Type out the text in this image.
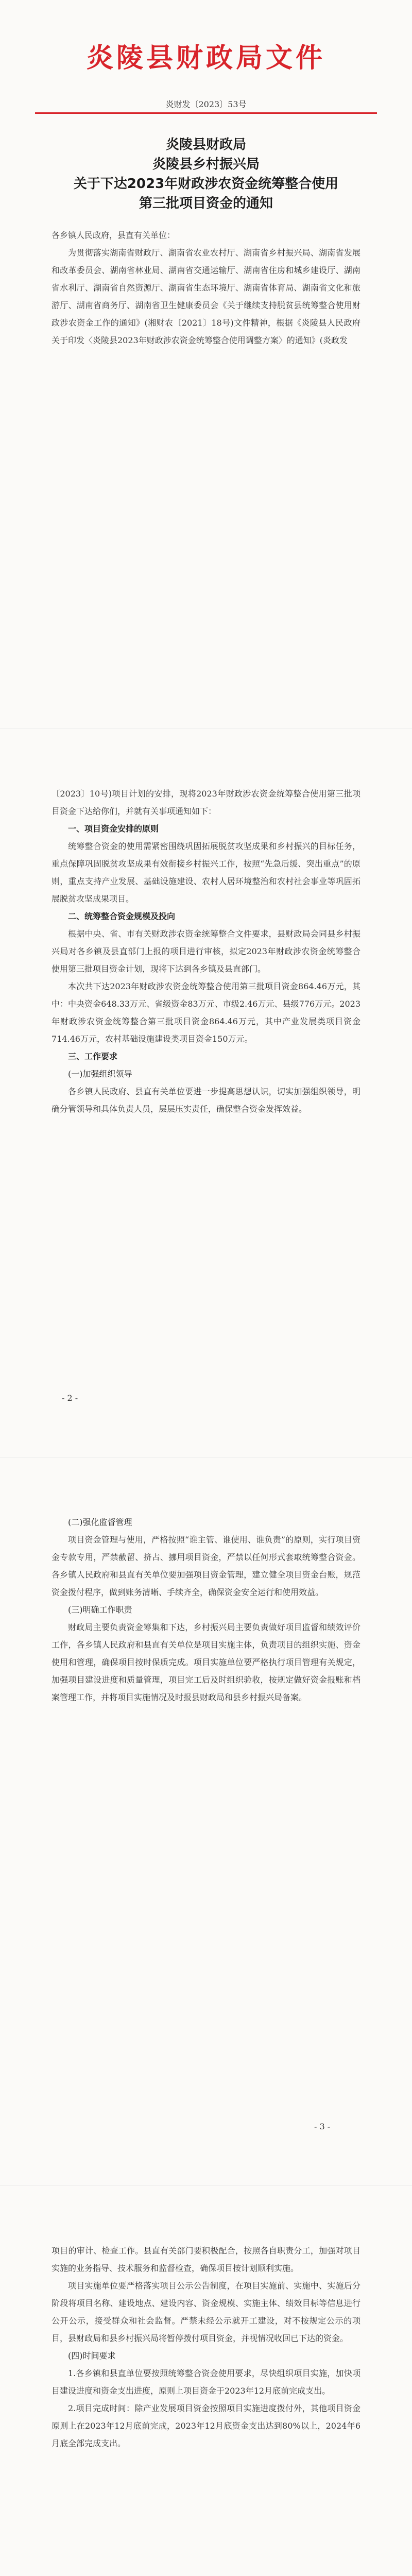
炎陵县财政局文件
炎财发〔2023〕53号
炎陵县财政局
炎陵县乡村振兴局
关于下达2023年财政涉农资金统筹整合使用
第三批项目资金的通知

各乡镇人民政府，县直有关单位：

为贯彻落实湖南省财政厅、湖南省农业农村厅、湖南省乡村振兴局、湖南省发展和改革委员会、湖南省林业局、湖南省交通运输厅、湖南省住房和城乡建设厅、湖南省水利厅、湖南省自然资源厅、湖南省生态环境厅、湖南省体育局、湖南省文化和旅游厅、湖南省商务厅、湖南省卫生健康委员会《关于继续支持脱贫县统筹整合使用财政涉农资金工作的通知》(湘财农〔2021〕18号)文件精神，根据《炎陵县人民政府关于印发〈炎陵县2023年财政涉农资金统筹整合使用调整方案〉的通知》(炎政发

〔2023〕10号)项目计划的安排，现将2023年财政涉农资金统筹整合使用第三批项目资金下达给你们，并就有关事项通知如下：

一、项目资金安排的原则

统筹整合资金的使用需紧密围绕巩固拓展脱贫攻坚成果和乡村振兴的目标任务，重点保障巩固脱贫攻坚成果有效衔接乡村振兴工作，按照“先急后缓、突出重点”的原则，重点支持产业发展、基础设施建设、农村人居环境整治和农村社会事业等巩固拓展脱贫攻坚成果项目。

二、统筹整合资金规模及投向

根据中央、省、市有关财政涉农资金统筹整合文件要求，县财政局会同县乡村振兴局对各乡镇及县直部门上报的项目进行审核，拟定2023年财政涉农资金统筹整合使用第三批项目资金计划，现将下达到各乡镇及县直部门。

本次共下达2023年财政涉农资金统筹整合使用第三批项目资金864.46万元，其中：中央资金648.33万元、省级资金83万元、市级2.46万元、县级776万元。2023年财政涉农资金统筹整合第三批项目资金864.46万元，其中产业发展类项目资金714.46万元，农村基础设施建设类项目资金150万元。

三、工作要求

(一)加强组织领导

各乡镇人民政府、县直有关单位要进一步提高思想认识，切实加强组织领导，明确分管领导和具体负责人员，层层压实责任，确保整合资金发挥效益。

- 2 -

(二)强化监督管理

项目资金管理与使用，严格按照“谁主管、谁使用、谁负责”的原则，实行项目资金专款专用，严禁截留、挤占、挪用项目资金，严禁以任何形式套取统筹整合资金。各乡镇人民政府和县直有关单位要加强项目资金管理，建立健全项目资金台账，规范资金拨付程序，做到账务清晰、手续齐全，确保资金安全运行和使用效益。

(三)明确工作职责

财政局主要负责资金筹集和下达，乡村振兴局主要负责做好项目监督和绩效评价工作，各乡镇人民政府和县直有关单位是项目实施主体，负责项目的组织实施、资金使用和管理，确保项目按时保质完成。项目实施单位要严格执行项目管理有关规定，加强项目建设进度和质量管理，项目完工后及时组织验收，按规定做好资金报账和档案管理工作，并将项目实施情况及时报县财政局和县乡村振兴局备案。

- 3 -

项目的审计、检查工作。县直有关部门要积极配合，按照各自职责分工，加强对项目实施的业务指导、技术服务和监督检查，确保项目按计划顺利实施。

项目实施单位要严格落实项目公示公告制度，在项目实施前、实施中、实施后分阶段将项目名称、建设地点、建设内容、资金规模、实施主体、绩效目标等信息进行公开公示，接受群众和社会监督。严禁未经公示就开工建设，对不按规定公示的项目，县财政局和县乡村振兴局将暂停拨付项目资金，并视情况收回已下达的资金。

(四)时间要求

1.各乡镇和县直单位要按照统筹整合资金使用要求，尽快组织项目实施，加快项目建设进度和资金支出进度，原则上项目资金于2023年12月底前完成支出。

2.项目完成时间：除产业发展项目资金按照项目实施进度拨付外，其他项目资金原则上在2023年12月底前完成，2023年12月底资金支出达到80%以上，2024年6月底全部完成支出。
